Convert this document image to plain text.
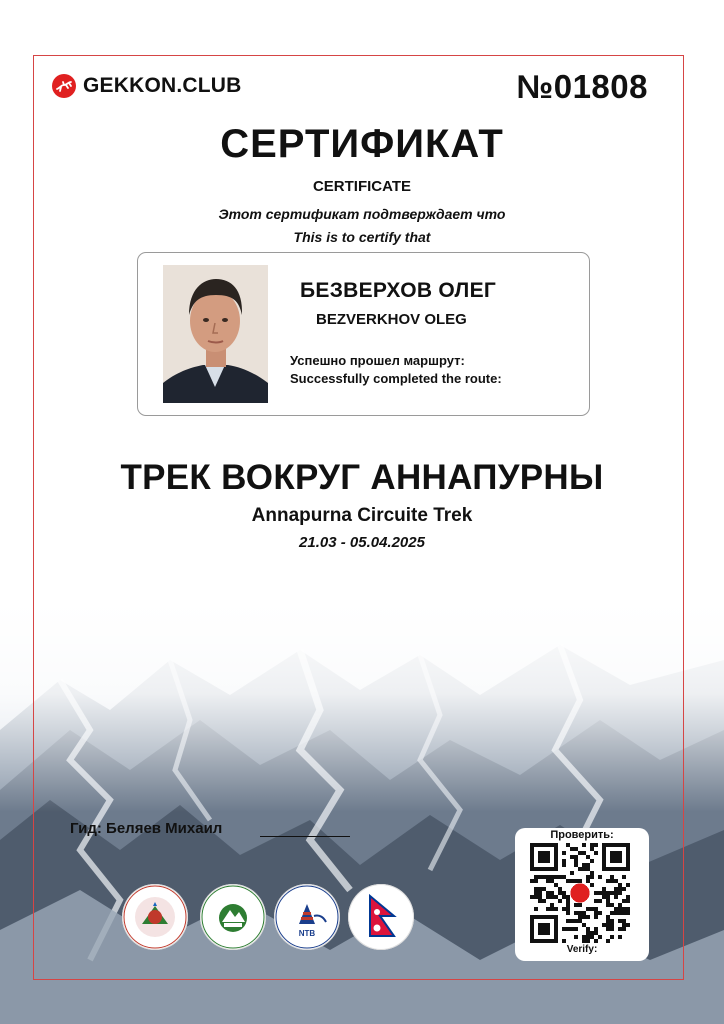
GEKKON.CLUB	№01808
СЕРТИФИКАТ
CERTIFICATE
Этот сертификат подтверждает что
This is to certify that
БЕЗВЕРХОВ ОЛЕГ
BEZVERKHOV OLEG
Успешно прошел маршрут:
Successfully completed the route:
ТРЕК ВОКРУГ АННАПУРНЫ
Annapurna Circuite Trek
21.03 - 05.04.2025
Гид: Беляев Михаил
NTB
Проверить:
Verify:
